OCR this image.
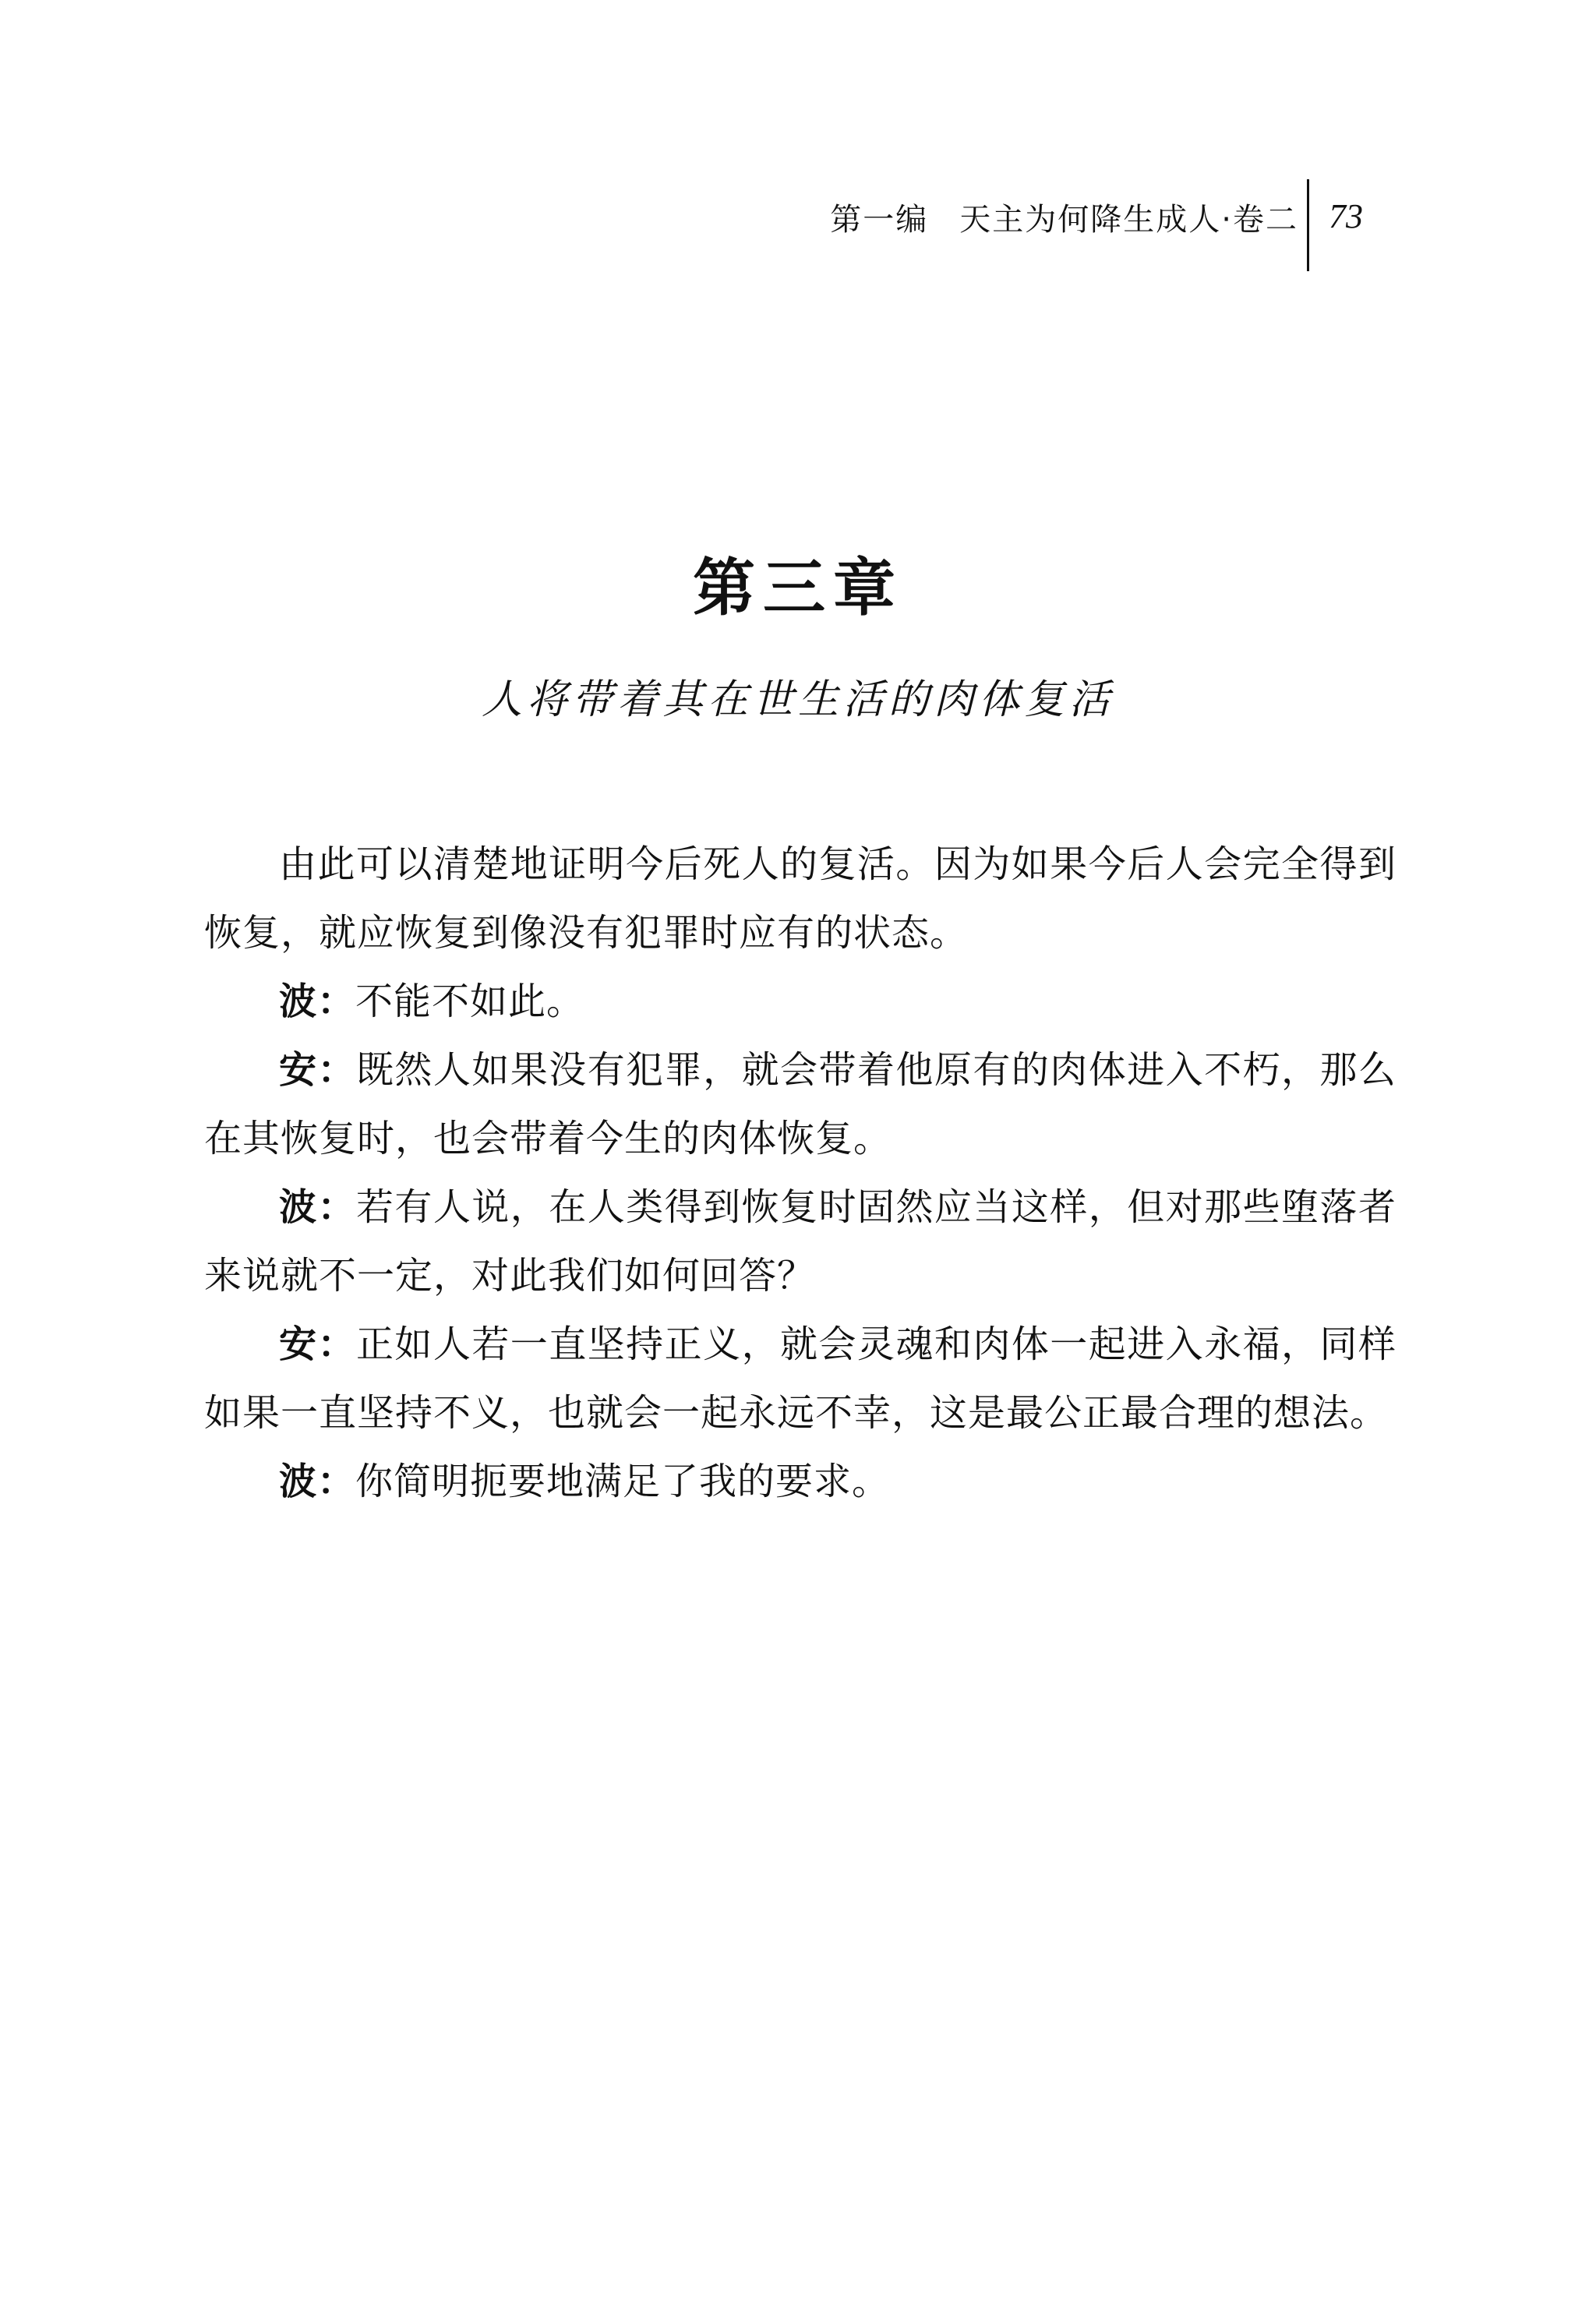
第一编 天主为何降生成人·卷二 73
第三章
人将带着其在世生活的肉体复活

由此可以清楚地证明今后死人的复活。因为如果今后人会完全得到恢复，就应恢复到像没有犯罪时应有的状态。

波：不能不如此。

安：既然人如果没有犯罪，就会带着他原有的肉体进入不朽，那么在其恢复时，也会带着今生的肉体恢复。

波：若有人说，在人类得到恢复时固然应当这样，但对那些堕落者来说就不一定，对此我们如何回答？

安：正如人若一直坚持正义，就会灵魂和肉体一起进入永福，同样如果一直坚持不义，也就会一起永远不幸，这是最公正最合理的想法。

波：你简明扼要地满足了我的要求。
